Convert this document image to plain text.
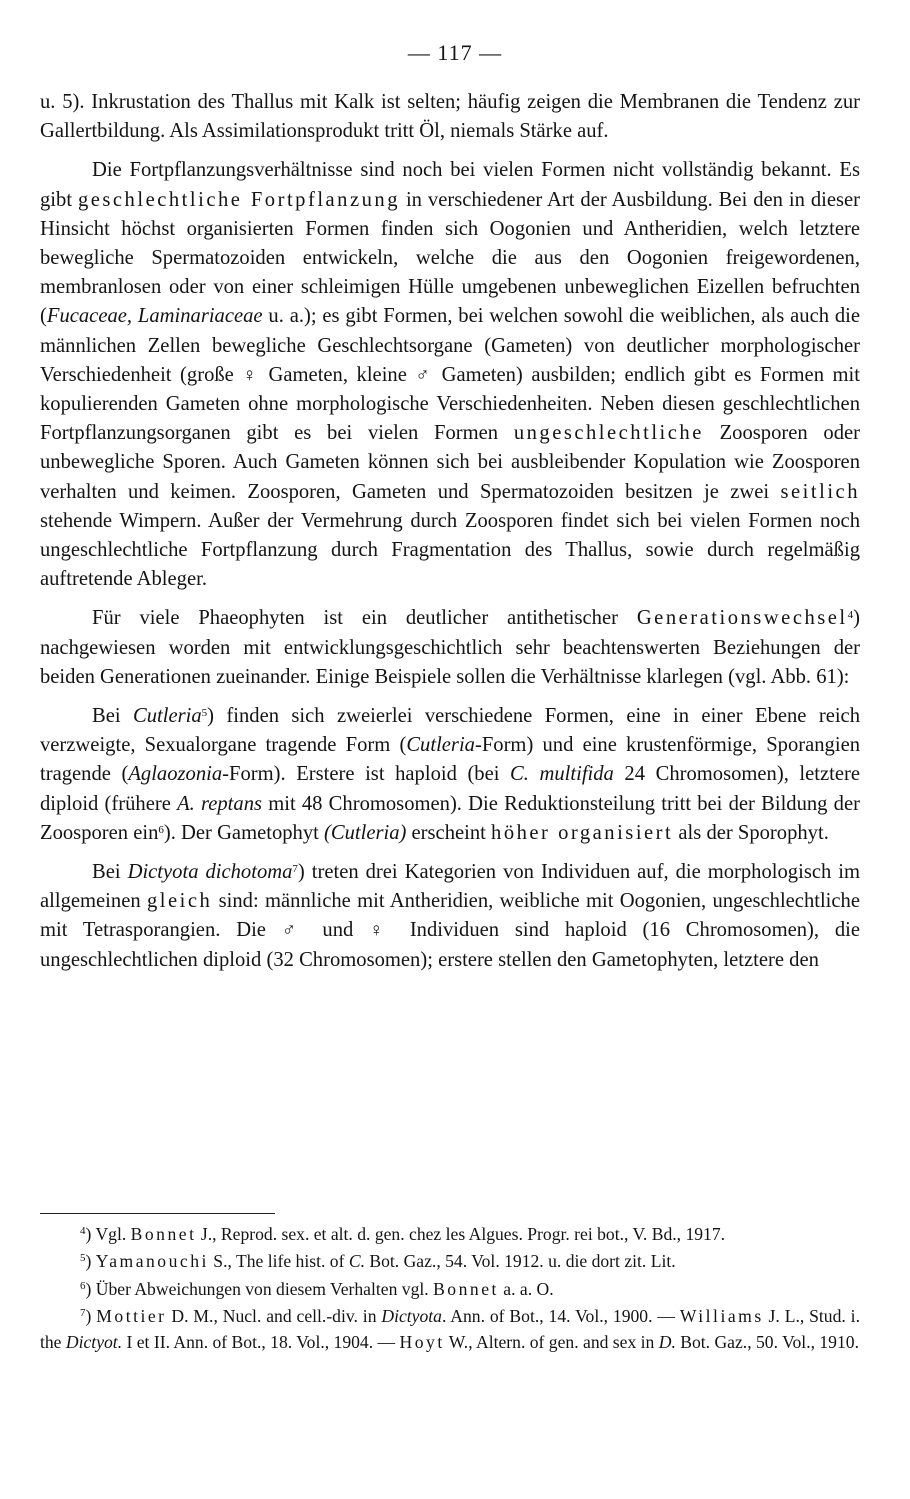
— 117 —

u. 5). Inkrustation des Thallus mit Kalk ist selten; häufig zeigen die Membranen die Tendenz zur Gallertbildung. Als Assimilationsprodukt tritt Öl, niemals Stärke auf.

Die Fortpflanzungsverhältnisse sind noch bei vielen Formen nicht vollständig bekannt. Es gibt geschlechtliche Fortpflanzung in verschiedener Art der Ausbildung. Bei den in dieser Hinsicht höchst organisierten Formen finden sich Oogonien und Antheridien, welch letztere bewegliche Spermatozoiden entwickeln, welche die aus den Oogonien freigewordenen, membranlosen oder von einer schleimigen Hülle umgebenen unbeweglichen Eizellen befruchten (Fucaceae, Laminariaceae u. a.); es gibt Formen, bei welchen sowohl die weiblichen, als auch die männlichen Zellen bewegliche Geschlechtsorgane (Gameten) von deutlicher morphologischer Verschiedenheit (große ♀ Gameten, kleine ♂ Gameten) ausbilden; endlich gibt es Formen mit kopulierenden Gameten ohne morphologische Verschiedenheiten. Neben diesen geschlechtlichen Fortpflanzungsorganen gibt es bei vielen Formen ungeschlechtliche Zoosporen oder unbewegliche Sporen. Auch Gameten können sich bei ausbleibender Kopulation wie Zoosporen verhalten und keimen. Zoosporen, Gameten und Spermatozoiden besitzen je zwei seitlich stehende Wimpern. Außer der Vermehrung durch Zoosporen findet sich bei vielen Formen noch ungeschlechtliche Fortpflanzung durch Fragmentation des Thallus, sowie durch regelmäßig auftretende Ableger.

Für viele Phaeophyten ist ein deutlicher antithetischer Generationswechsel$^4$) nachgewiesen worden mit entwicklungsgeschichtlich sehr beachtenswerten Beziehungen der beiden Generationen zueinander. Einige Beispiele sollen die Verhältnisse klarlegen (vgl. Abb. 61):

Bei Cutleria$^5$) finden sich zweierlei verschiedene Formen, eine in einer Ebene reich verzweigte, Sexualorgane tragende Form (Cutleria-Form) und eine krustenförmige, Sporangien tragende (Aglaozonia-Form). Erstere ist haploid (bei C. multifida 24 Chromosomen), letztere diploid (frühere A. reptans mit 48 Chromosomen). Die Reduktionsteilung tritt bei der Bildung der Zoosporen ein$^6$). Der Gametophyt (Cutleria) erscheint höher organisiert als der Sporophyt.

Bei Dictyota dichotoma$^7$) treten drei Kategorien von Individuen auf, die morphologisch im allgemeinen gleich sind: männliche mit Antheridien, weibliche mit Oogonien, ungeschlechtliche mit Tetrasporangien. Die ♂ und ♀ Individuen sind haploid (16 Chromosomen), die ungeschlechtlichen diploid (32 Chromosomen); erstere stellen den Gametophyten, letztere den

$^4$) Vgl. Bonnet J., Reprod. sex. et alt. d. gen. chez les Algues. Progr. rei bot., V. Bd., 1917.

$^5$) Yamanouchi S., The life hist. of C. Bot. Gaz., 54. Vol. 1912. u. die dort zit. Lit.

$^6$) Über Abweichungen von diesem Verhalten vgl. Bonnet a. a. O.

$^7$) Mottier D. M., Nucl. and cell.-div. in Dictyota. Ann. of Bot., 14. Vol., 1900. — Williams J. L., Stud. i. the Dictyot. I et II. Ann. of Bot., 18. Vol., 1904. — Hoyt W., Altern. of gen. and sex in D. Bot. Gaz., 50. Vol., 1910.
